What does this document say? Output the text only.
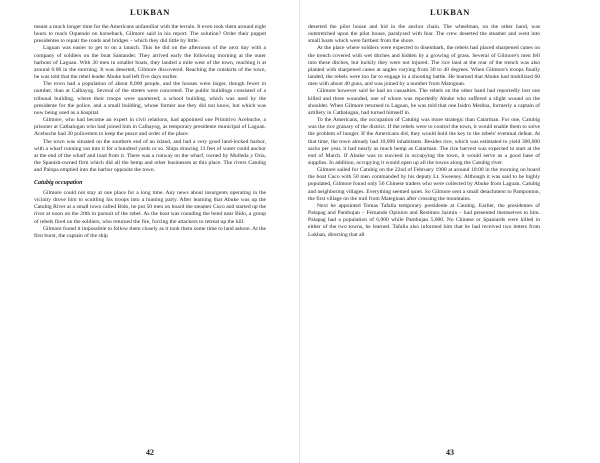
LUKBAN

meant a much longer time for the Americans unfamiliar with the terrain. It even took them around eight hours to reach Oquendo on horseback, Gilmore said in his report. The solution? Order their puppet presidentes to repair the roads and bridges – which they did little by little.

Laguan was easier to get to on a launch. This he did on the afternoon of the next day with a company of soldiers on the boat Santander. They arrived early the following morning at the outer harbour of Laguan. With 30 men in smaller boats, they landed a mile west of the town, reaching it at around 6:00 in the morning. It was deserted, Gilmore discovered. Reaching the outskirts of the town, he was told that the rebel leader Abuke had left five days earlier.

The town had a population of about 8,000 people, and the houses were larger, though fewer in number, than at Calbayog. Several of the streets were concreted. The public buildings consisted of a tribunal building, where their troops were quartered; a school building, which was used by the presidente for the police, and a small building, whose former use they did not know, but which was now being used as a hospital.

Gilmore, who had become an expert in civil relations, had appointed one Primitivo Acebuche, a prisoner at Catbalogan who had joined him in Calhayog, as temporary presidente municipal of Laguan. Acebuche had 30 policemen to keep the peace and order of the place.

The town was situated on the southern end of an island, and had a very good land-locked harbor, with a wharf running out into it for a hundred yards or so. Ships drawing 13 feet of water could anchor at the end of the wharf and load from it. There was a runway on the wharf, owned by Molleda y Oria, the Spanish-owned firm which did all the hemp and other businesses at this place. The rivers Catubig and Palopa emptied into the harbor opposite the town.

Catubig occupation

Gilmore could not stay at one place for a long time. Any news about insurgents operating in the vicinity drove him to scuttling his troops into a hunting party. After learning that Abuke was up the Catubig River at a small town called Bido, he put 50 men on board the steamer Cuco and started up the river at noon on the 20th in pursuit of the rebel. As the boat was rounding the bend near Bido, a group of rebels fired on the soldiers, who returned the fire, forcing the attackers to retreat up the hill.

Gilmore found it impossible to follow them closely as it took them some time to land ashore. At the first burst, the captain of the ship

42
LUKBAN

deserted the pilot house and hid in the anchor chain. The wheelman, on the other hand, was outstretched upon the pilot house, paralyzed with fear. The crew deserted the steamer and went into small boats which were farthest from the shore.

At the place where soldiers were expected to disembark, the rebels had placed sharpened canes on the trench covered with wet ditches and hidden by a growing of grass. Several of Gilmore's men fell into these ditches, but luckily they were not injured. The rice land at the rear of the trench was also planted with sharpened canes at angles varying from 30 to 40 degrees. When Gilmore's troops finally landed, the rebels were too far to engage in a shooting battle. He learned that Abuke had mobilized 60 men with about 40 guns, and was joined by a number from Matognan.

Gilmore however said he had no casualties. The rebels on the other hand had reportedly lost one killed and three wounded, one of whom was reportedly Abuke who suffered a slight wound on the shoulder. When Gilmore returned to Laguan, he was told that one Isidro Medina, formerly a captain of artillery in Catbalogan, had turned himself in.

To the Americans, the occupation of Catubig was more strategic than Catarman. For one, Catubig was the rice granary of the district. If the rebels were to control the town, it would enable them to solve the problem of hunger. If the Americans did, they would hold the key to the rebels' eventual defeat. At that time, the town already had 10,000 inhabitants. Besides rice, which was estimated to yield 300,000 sacks per year, it had nearly as much hemp as Catarman. The rice harvest was expected to start at the end of March. If Abuke was to succeed in occupying the town, it would serve as a good base of supplies. In addition, occupying it would open up all the towns along the Catubig river.

Gilmore sailed for Catubig on the 22nd of February 1900 at around 10:00 in the morning on board the boat Cuco with 50 men commanded by his deputy Lt. Sweeney. Although it was said to be highly populated, Gilmore found only 56 Chinese traders who were collected by Abuke from Laguan, Catubig and neighboring villages. Everything seemed quiet. So Gilmore sent a small detachment to Pamponton, the first village on the trail from Mateginan after crossing the mountains.

Next he appointed Tomas Tafalla temporary presidente at Catubig. Earlier, the presidentes of Palapag and Pambujan – Fernando Opinion and Restituto Jazmin – had presented themselves to him. Palapag had a population of 6,000 while Pambujan 5,000. No Chinese or Spaniards were killed in either of the two towns, he learned. Tafalla also informed him that he had received two letters from Lukban, directing that all

43
